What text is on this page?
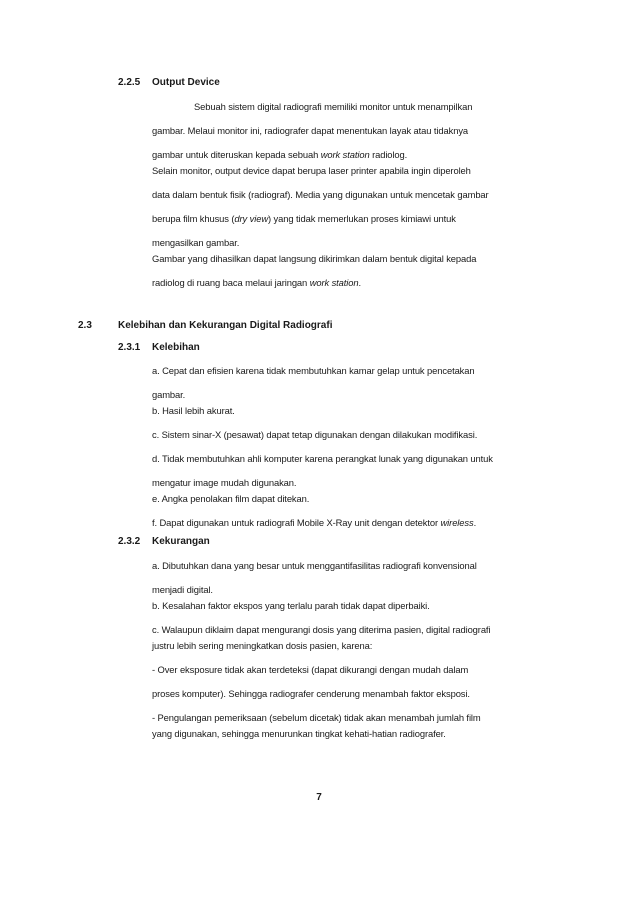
2.2.5 Output Device
Sebuah sistem digital radiografi memiliki monitor untuk menampilkan
gambar. Melaui monitor ini, radiografer dapat menentukan layak atau tidaknya
gambar untuk diteruskan kepada sebuah work station radiolog.
Selain monitor, output device dapat berupa laser printer apabila ingin diperoleh
data dalam bentuk fisik (radiograf). Media yang digunakan untuk mencetak gambar
berupa film khusus (dry view) yang tidak memerlukan proses kimiawi untuk
mengasilkan gambar.
Gambar yang dihasilkan dapat langsung dikirimkan dalam bentuk digital kepada
radiolog di ruang baca melaui jaringan work station.
2.3	Kelebihan dan Kekurangan Digital Radiografi
2.3.1 Kelebihan
a. Cepat dan efisien karena tidak membutuhkan kamar gelap untuk pencetakan
gambar.
b. Hasil lebih akurat.
c. Sistem sinar-X (pesawat) dapat tetap digunakan dengan dilakukan modifikasi.
d. Tidak membutuhkan ahli komputer karena perangkat lunak yang digunakan untuk
mengatur image mudah digunakan.
e. Angka penolakan film dapat ditekan.
f. Dapat digunakan untuk radiografi Mobile X-Ray unit dengan detektor wireless.
2.3.2 Kekurangan
a. Dibutuhkan dana yang besar untuk menggantifasilitas radiografi konvensional
menjadi digital.
b. Kesalahan faktor ekspos yang terlalu parah tidak dapat diperbaiki.
c. Walaupun diklaim dapat mengurangi dosis yang diterima pasien, digital radiografi
justru lebih sering meningkatkan dosis pasien, karena:
- Over eksposure tidak akan terdeteksi (dapat dikurangi dengan mudah dalam
proses komputer). Sehingga radiografer cenderung menambah faktor eksposi.
- Pengulangan pemeriksaan (sebelum dicetak) tidak akan menambah jumlah film
yang digunakan, sehingga menurunkan tingkat kehati-hatian radiografer.
7
